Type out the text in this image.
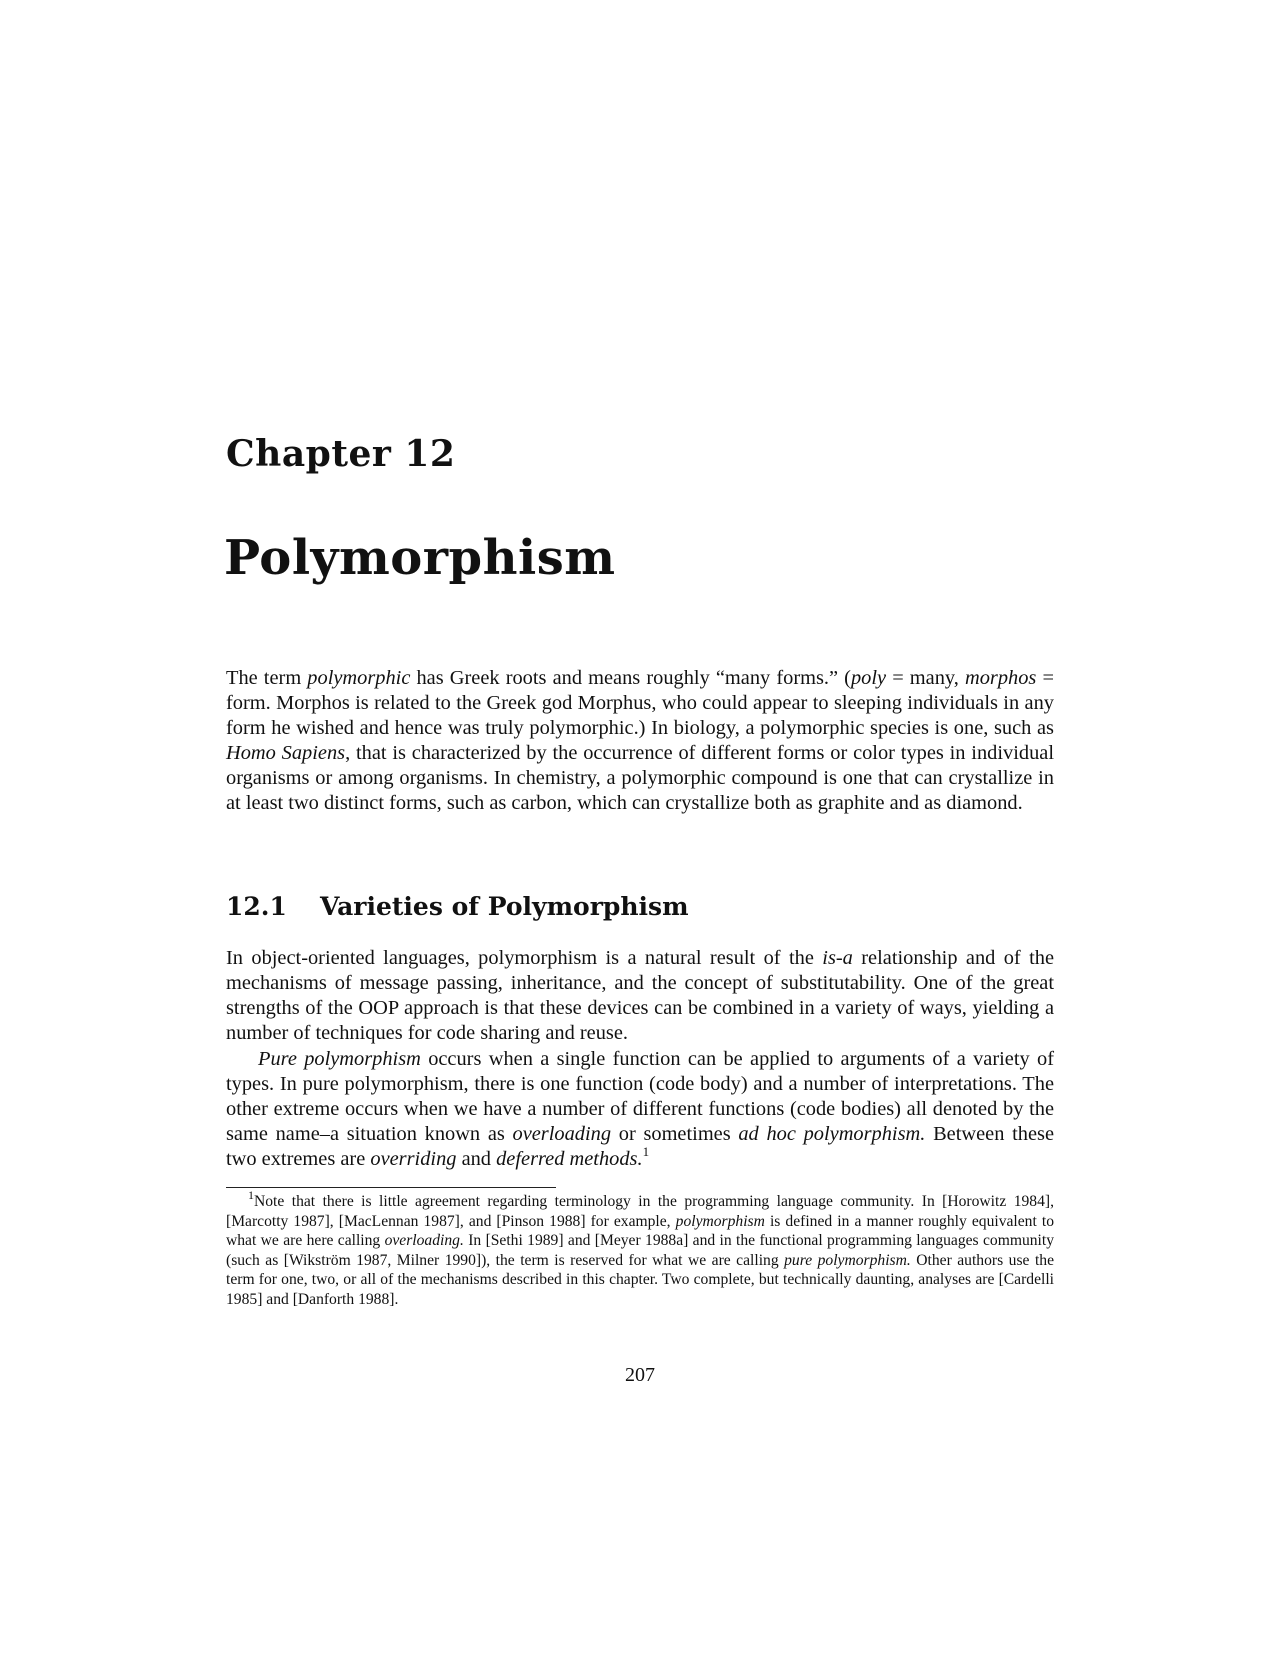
Chapter 12
Polymorphism

The term polymorphic has Greek roots and means roughly “many forms.” (poly = many, morphos = form. Morphos is related to the Greek god Morphus, who could appear to sleeping individuals in any form he wished and hence was truly polymorphic.) In biology, a polymorphic species is one, such as Homo Sapiens, that is characterized by the occurrence of different forms or color types in individual organisms or among organisms. In chemistry, a polymorphic compound is one that can crystallize in at least two distinct forms, such as carbon, which can crystallize both as graphite and as diamond.

12.1 Varieties of Polymorphism

In object-oriented languages, polymorphism is a natural result of the is-a relationship and of the mechanisms of message passing, inheritance, and the concept of substitutability. One of the great strengths of the OOP approach is that these devices can be combined in a variety of ways, yielding a number of techniques for code sharing and reuse.

Pure polymorphism occurs when a single function can be applied to arguments of a variety of types. In pure polymorphism, there is one function (code body) and a number of interpretations. The other extreme occurs when we have a number of different functions (code bodies) all denoted by the same name–a situation known as overloading or sometimes ad hoc polymorphism. Between these two extremes are overriding and deferred methods.$^1$

$^1$Note that there is little agreement regarding terminology in the programming language community. In [Horowitz 1984], [Marcotty 1987], [MacLennan 1987], and [Pinson 1988] for example, polymorphism is defined in a manner roughly equivalent to what we are here calling overloading. In [Sethi 1989] and [Meyer 1988a] and in the functional programming languages community (such as [Wikström 1987, Milner 1990]), the term is reserved for what we are calling pure polymorphism. Other authors use the term for one, two, or all of the mechanisms described in this chapter. Two complete, but technically daunting, analyses are [Cardelli 1985] and [Danforth 1988].

207
